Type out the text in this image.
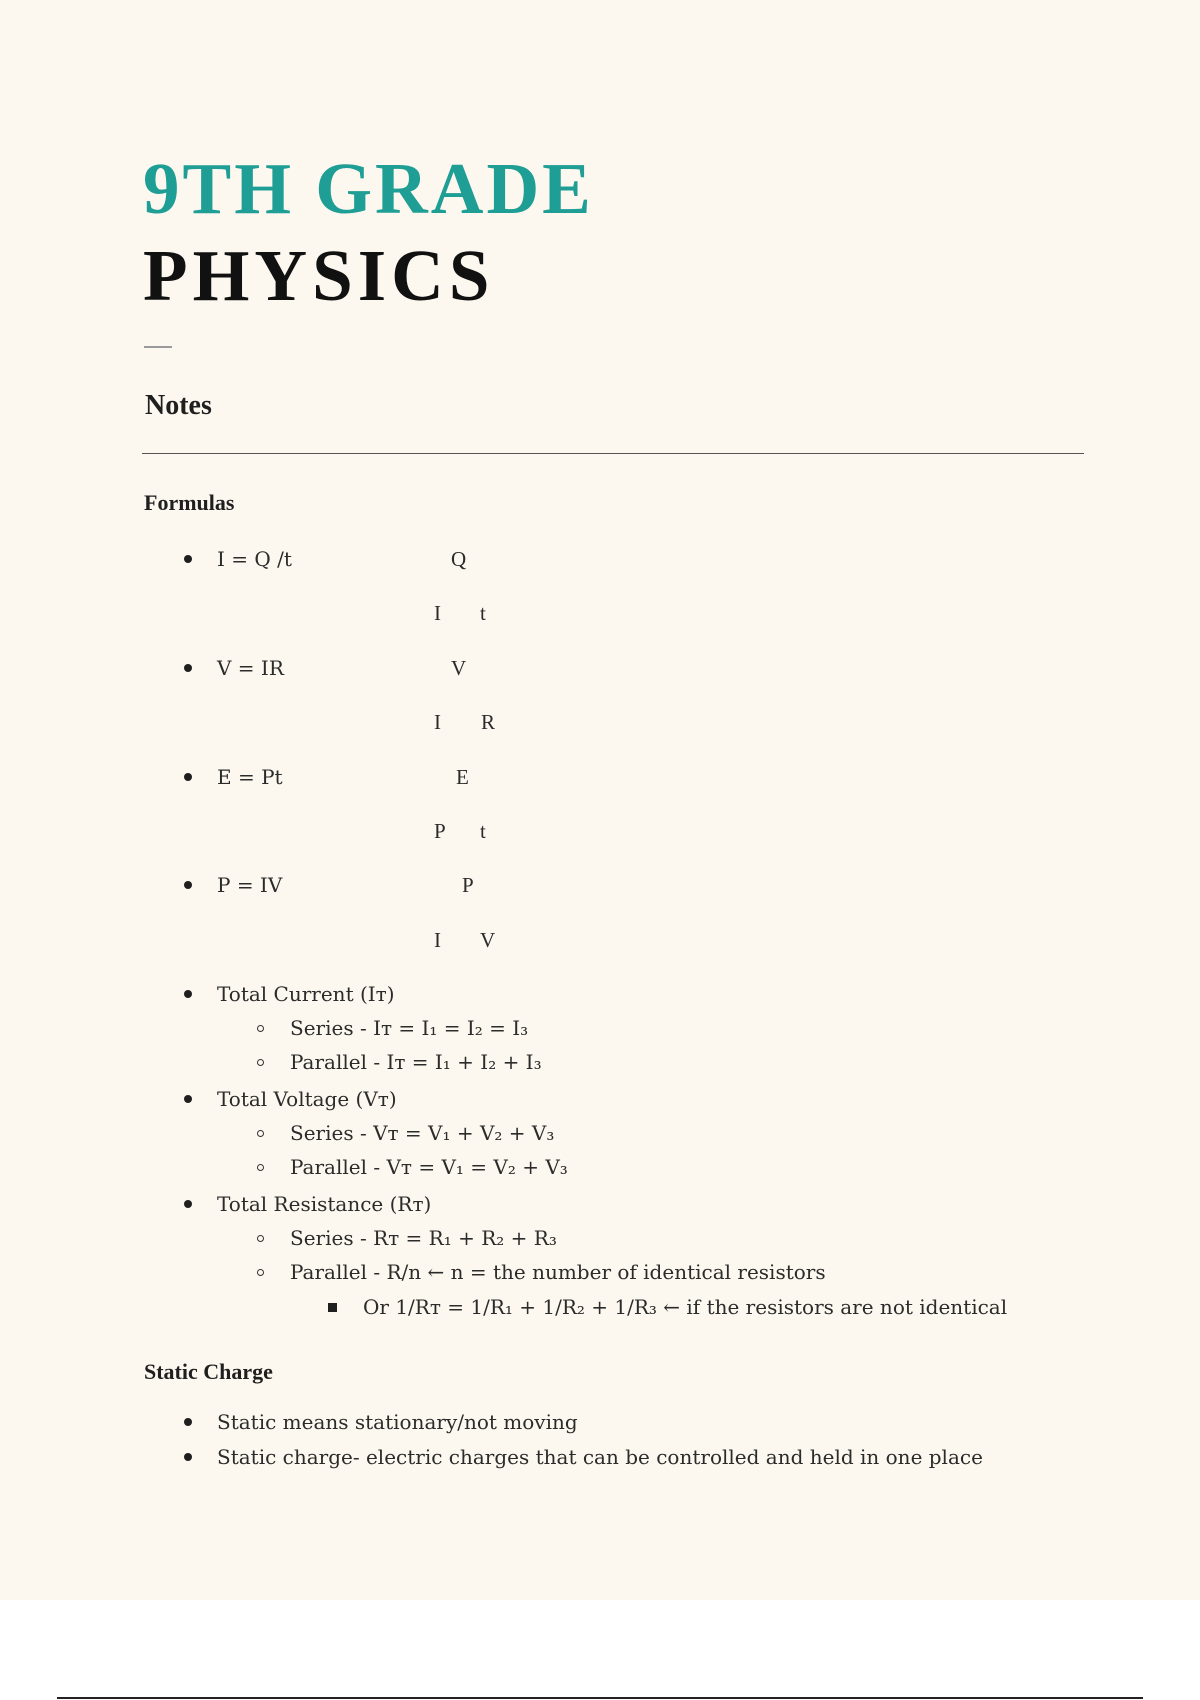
9TH GRADE
PHYSICS
Notes
Formulas
I = Q /t	Q
I t
V = IR	V
I R
E = Pt	E
P t
P = IV	P
I V
Total Current (Iᴛ)
Series - Iᴛ = I₁ = I₂ = I₃
Parallel - Iᴛ = I₁ + I₂ + I₃
Total Voltage (Vᴛ)
Series - Vᴛ = V₁ + V₂ + V₃
Parallel - Vᴛ = V₁ = V₂ + V₃
Total Resistance (Rᴛ)
Series - Rᴛ = R₁ + R₂ + R₃
Parallel - R/n ← n = the number of identical resistors
Or 1/Rᴛ = 1/R₁ + 1/R₂ + 1/R₃ ← if the resistors are not identical
Static Charge
Static means stationary/not moving
Static charge- electric charges that can be controlled and held in one place
